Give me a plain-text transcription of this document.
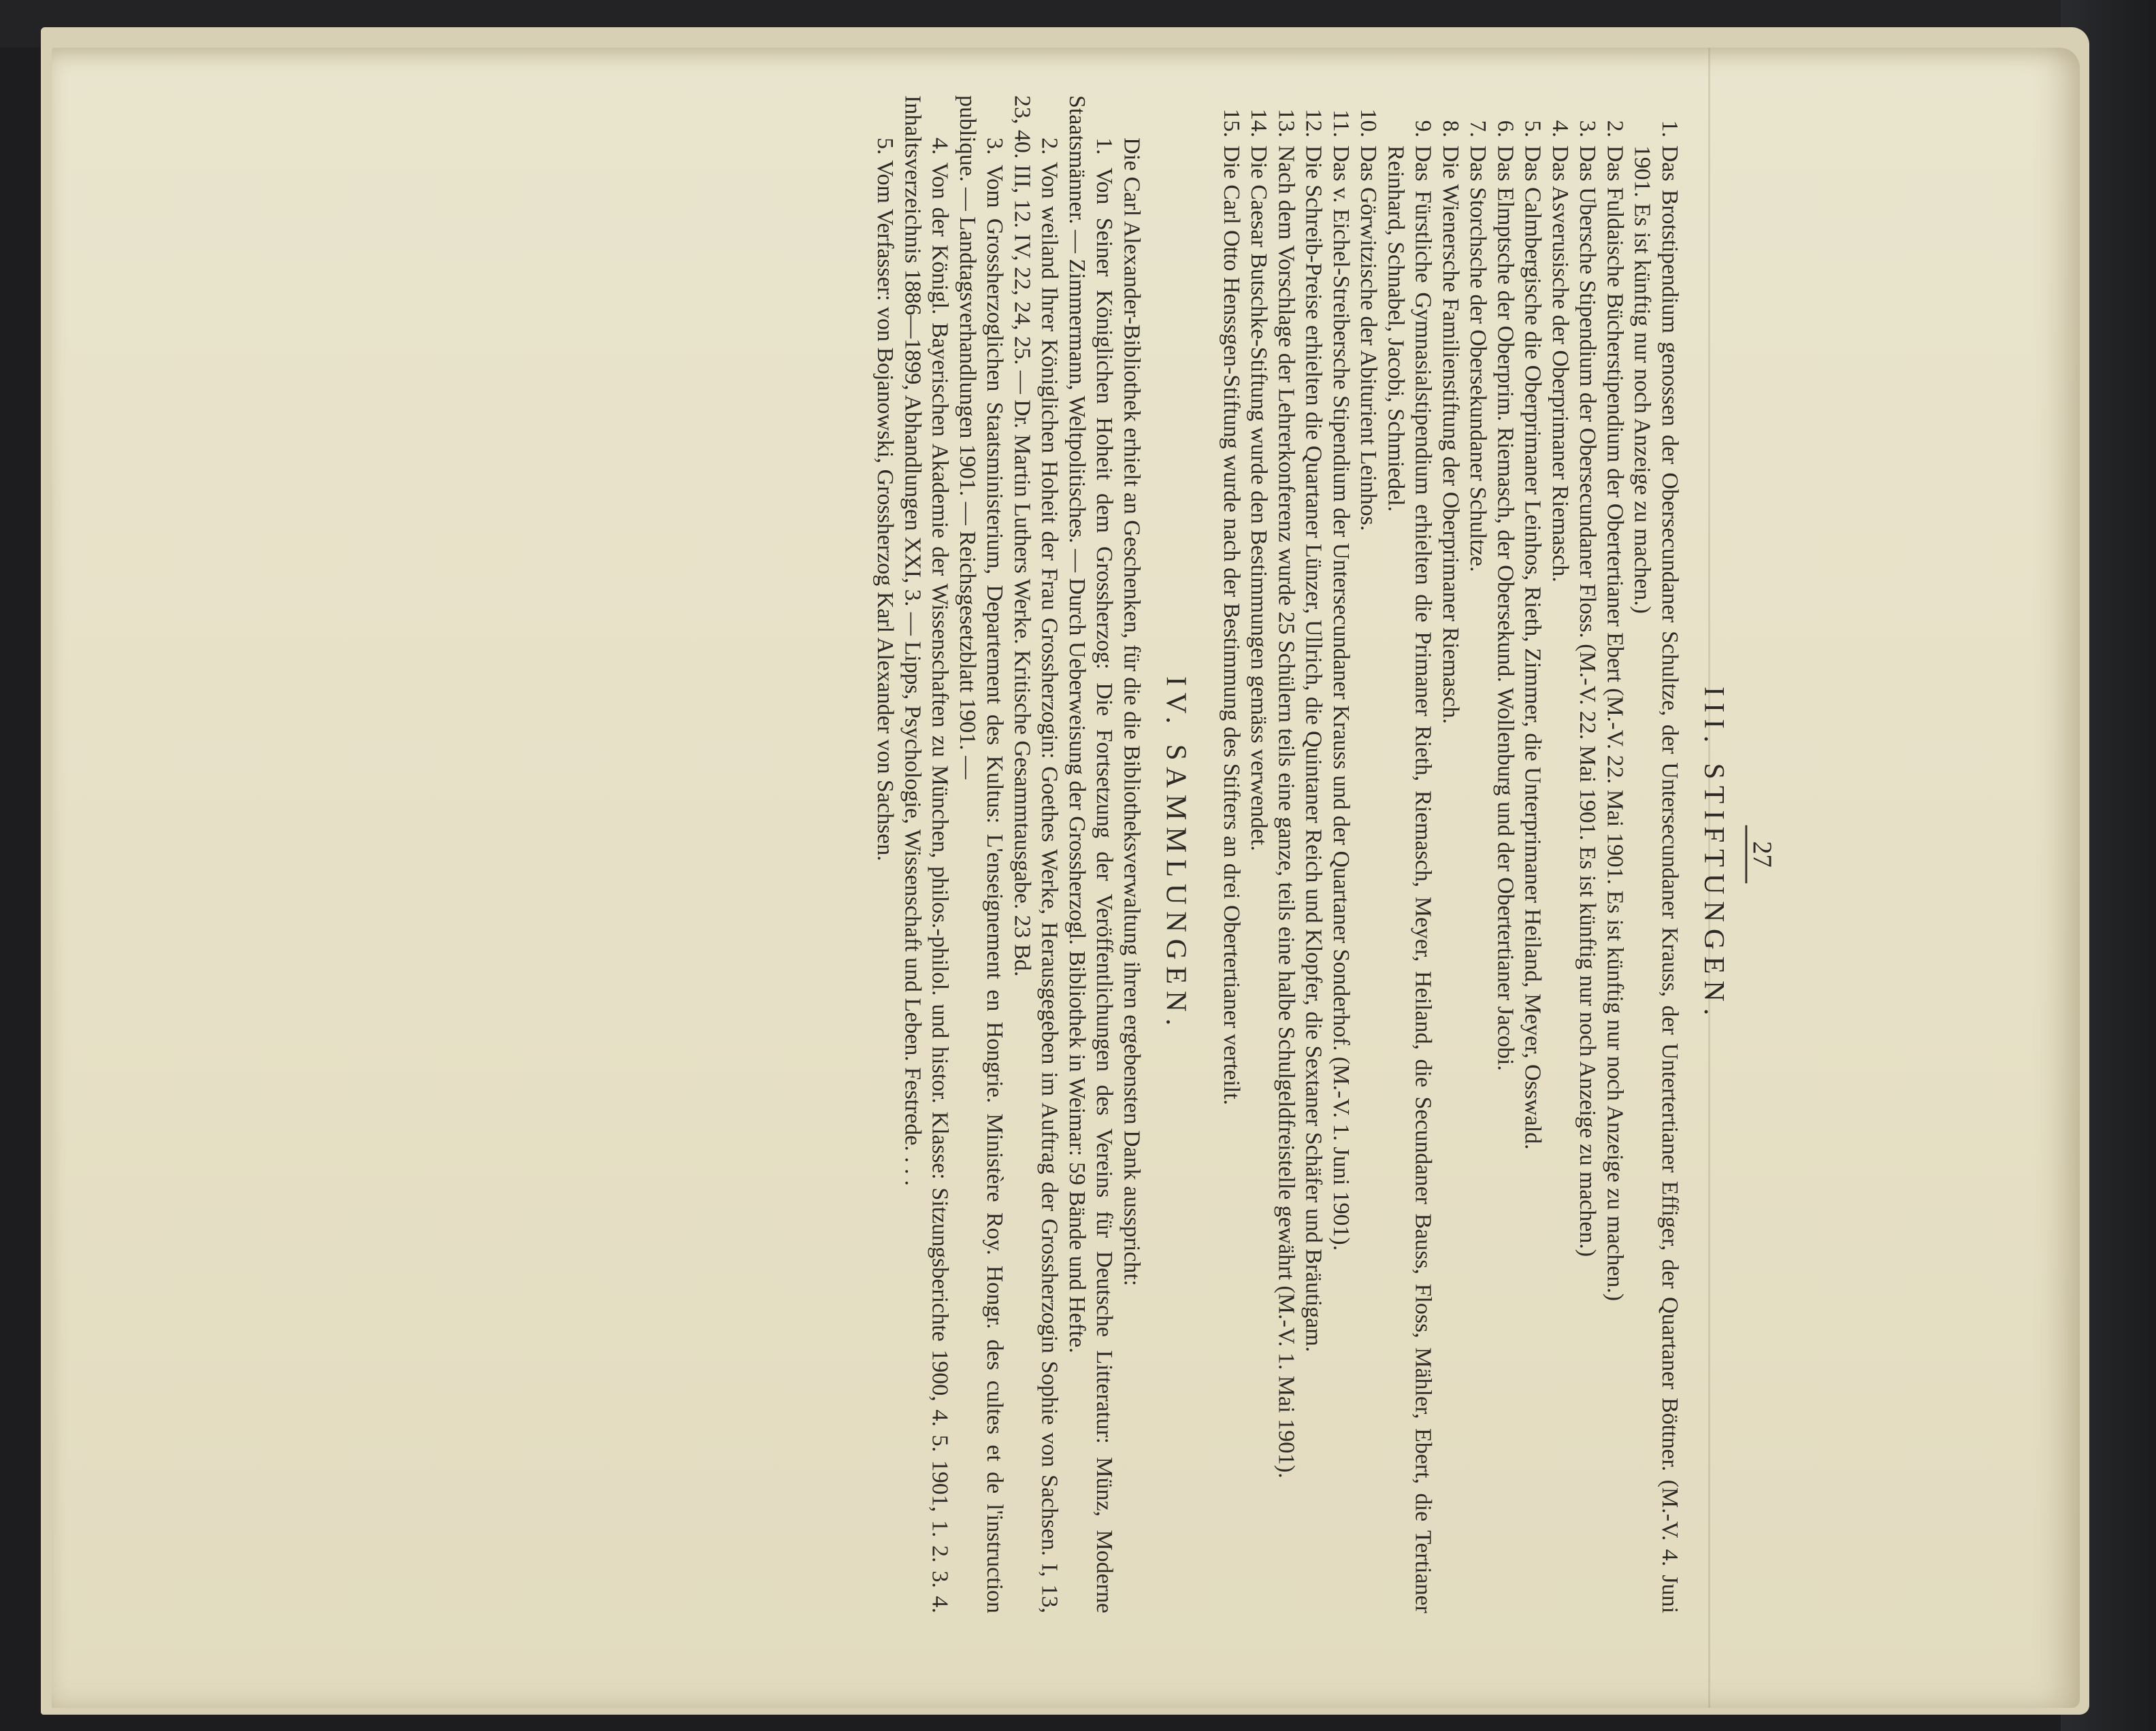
27
III. STIFTUNGEN.
1.
Das Brotstipendium genossen der Obersecundaner Schultze, der Untersecundaner Krauss, der Untertertianer Effiger, der Quartaner Böttner. (M.-V. 4. Juni 1901. Es ist künftig nur noch Anzeige zu machen.)
2.
Das Fuldaische Bücherstipendium der Obertertianer Ebert (M.-V. 22. Mai 1901. Es ist künftig nur noch Anzeige zu machen.)
3.
Das Ubersche Stipendium der Obersecundaner Floss. (M.-V. 22. Mai 1901. Es ist künftig nur noch Anzeige zu machen.)
4.
Das Asverusische der Oberprimaner Riemasch.
5.
Das Calmbergische die Oberprimaner Leinhos, Rieth, Zimmer, die Unterprimaner Heiland, Meyer, Osswald.
6.
Das Elmptsche der Oberprim. Riemasch, der Obersekund. Wollenburg und der Obertertianer Jacobi.
7.
Das Storchsche der Obersekundaner Schultze.
8.
Die Wienersche Familienstiftung der Oberprimaner Riemasch.
9.
Das Fürstliche Gymnasialstipendium erhielten die Primaner Rieth, Riemasch, Meyer, Heiland, die Secundaner Bauss, Floss, Mähler, Ebert, die Tertianer Reinhard, Schnabel, Jacobi, Schmiedel.
10.
Das Görwitzische der Abiturient Leinhos.
11.
Das v. Eichel-Streibersche Stipendium der Untersecundaner Krauss und der Quartaner Sonderhof. (M.-V. 1. Juni 1901).
12.
Die Schreib-Preise erhielten die Quartaner Lünzer, Ullrich, die Quintaner Reich und Klopfer, die Sextaner Schäfer und Bräutigam.
13.
Nach dem Vorschlage der Lehrerkonferenz wurde 25 Schülern teils eine ganze, teils eine halbe Schulgeldfreistelle gewährt (M.-V. 1. Mai 1901).
14.
Die Caesar Butschke-Stiftung wurde den Bestimmungen gemäss verwendet.
15.
Die Carl Otto Henssgen-Stiftung wurde nach der Bestimmung des Stifters an drei Obertertianer verteilt.
IV. SAMMLUNGEN.
Die Carl Alexander-Bibliothek erhielt an Geschenken, für die die Bibliotheksverwaltung ihren ergebensten Dank ausspricht:
1. Von Seiner Königlichen Hoheit dem Grossherzog: Die Fortsetzung der Veröffentlichungen des Vereins für Deutsche Litteratur: Münz, Moderne Staatsmänner. — Zimmermann, Weltpolitisches. — Durch Ueberweisung der Grossherzogl. Bibliothek in Weimar: 59 Bände und Hefte.
2. Von weiland Ihrer Königlichen Hoheit der Frau Grossherzogin: Goethes Werke, Herausgegeben im Auftrag der Grossherzogin Sophie von Sachsen. I, 13, 23, 40. III, 12. IV, 22, 24, 25. — Dr. Martin Luthers Werke. Kritische Gesammtausgabe. 23 Bd.
3. Vom Grossherzoglichen Staatsministerium, Departement des Kultus: L'enseignement en Hongrie. Ministère Roy. Hongr. des cultes et de l'instruction publique. — Landtagsverhandlungen 1901. — Reichsgesetzblatt 1901. —
4. Von der Königl. Bayerischen Akademie der Wissenschaften zu München, philos.-philol. und histor. Klasse: Sitzungsberichte 1900, 4. 5. 1901, 1. 2. 3. 4. Inhaltsverzeichnis 1886—1899, Abhandlungen XXI, 3. — Lipps, Psychologie, Wissenschaft und Leben. Festrede. . . .
5. Vom Verfasser: von Bojanowski, Grossherzog Karl Alexander von Sachsen.
